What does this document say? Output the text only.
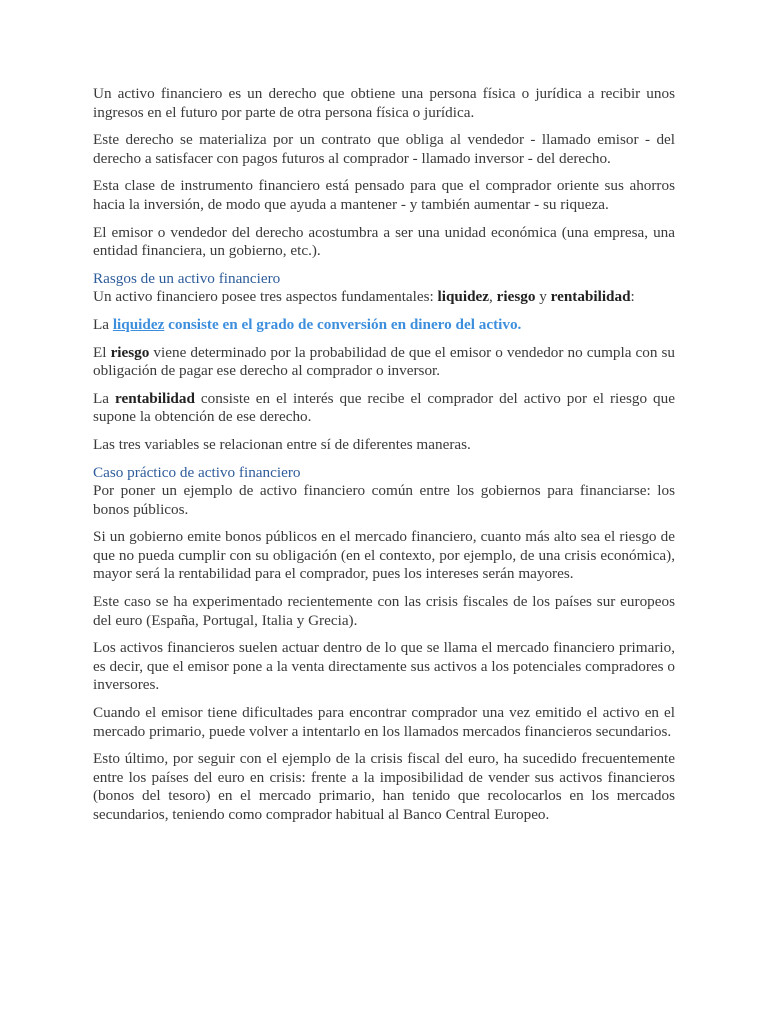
Un activo financiero es un derecho que obtiene una persona física o jurídica a recibir unos ingresos en el futuro por parte de otra persona física o jurídica.

Este derecho se materializa por un contrato que obliga al vendedor - llamado emisor - del derecho a satisfacer con pagos futuros al comprador - llamado inversor - del derecho.

Esta clase de instrumento financiero está pensado para que el comprador oriente sus ahorros hacia la inversión, de modo que ayuda a mantener - y también aumentar - su riqueza.

El emisor o vendedor del derecho acostumbra a ser una unidad económica (una empresa, una entidad financiera, un gobierno, etc.).

Rasgos de un activo financiero

Un activo financiero posee tres aspectos fundamentales: liquidez, riesgo y rentabilidad:

La liquidez consiste en el grado de conversión en dinero del activo.

El riesgo viene determinado por la probabilidad de que el emisor o vendedor no cumpla con su obligación de pagar ese derecho al comprador o inversor.

La rentabilidad consiste en el interés que recibe el comprador del activo por el riesgo que supone la obtención de ese derecho.

Las tres variables se relacionan entre sí de diferentes maneras.

Caso práctico de activo financiero

Por poner un ejemplo de activo financiero común entre los gobiernos para financiarse: los bonos públicos.

Si un gobierno emite bonos públicos en el mercado financiero, cuanto más alto sea el riesgo de que no pueda cumplir con su obligación (en el contexto, por ejemplo, de una crisis económica), mayor será la rentabilidad para el comprador, pues los intereses serán mayores.

Este caso se ha experimentado recientemente con las crisis fiscales de los países sur europeos del euro (España, Portugal, Italia y Grecia).

Los activos financieros suelen actuar dentro de lo que se llama el mercado financiero primario, es decir, que el emisor pone a la venta directamente sus activos a los potenciales compradores o inversores.

Cuando el emisor tiene dificultades para encontrar comprador una vez emitido el activo en el mercado primario, puede volver a intentarlo en los llamados mercados financieros secundarios.

Esto último, por seguir con el ejemplo de la crisis fiscal del euro, ha sucedido frecuentemente entre los países del euro en crisis: frente a la imposibilidad de vender sus activos financieros (bonos del tesoro) en el mercado primario, han tenido que recolocarlos en los mercados secundarios, teniendo como comprador habitual al Banco Central Europeo.
